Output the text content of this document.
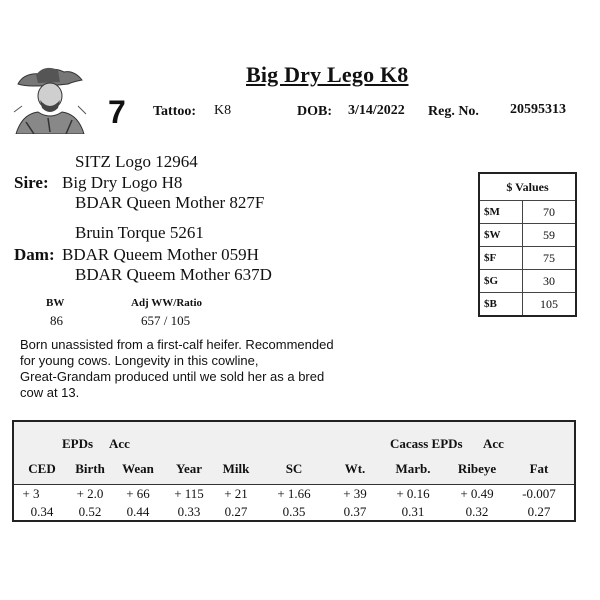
Big Dry Lego K8
7 Tattoo: K8	DOB: 3/14/2022 Reg. No. 20595313
SITZ Logo 12964
Sire: Big Dry Logo H8
BDAR Queen Mother 827F
Bruin Torque 5261
Dam: BDAR Queem Mother 059H
BDAR Queem Mother 637D
BW
86
Adj WW/Ratio
657 / 105
Born unassisted from a first-calf heifer. Recommended
for young cows. Longevity in this cowline,
Great-Grandam produced until we sold her as a bred
cow at 13.
$ Values	
$M	70
$W	59
$F	75
$G	30
$B	105
EPDs Acc	Cacass EPDs Acc
CED	Birth	Wean	Year	Milk	SC	Wt.	Marb.	Ribeye	Fat
+ 3	+ 2.0	+ 66	+ 115	+ 21	+ 1.66	+ 39	+ 0.16	+ 0.49	-0.007
0.34	0.52	0.44	0.33	0.27	0.35	0.37	0.31	0.32	0.27
